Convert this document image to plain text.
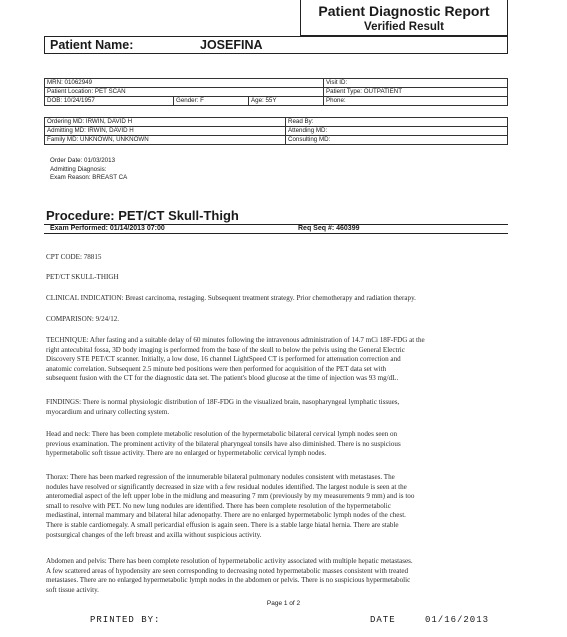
Patient Diagnostic Report
Verified Result
Patient Name:	JOSEFINA
MRN: 01062949			Visit ID:
Patient Location: PET SCAN			Patient Type: OUTPATIENT
DOB: 10/24/1957	Gender: F	Age: 55Y	Phone:
Ordering MD: IRWIN, DAVID H	Read By:
Admitting MD: IRWIN, DAVID H	Attending MD:
Family MD: UNKNOWN, UNKNOWN	Consulting MD:
Order Date: 01/03/2013
Admitting Diagnosis:
Exam Reason: BREAST CA
Procedure: PET/CT Skull-Thigh
Exam Performed: 01/14/2013 07:00	Req Seq #: 460399
CPT CODE: 78815
PET/CT SKULL-THIGH
CLINICAL INDICATION: Breast carcinoma, restaging. Subsequent treatment strategy. Prior chemotherapy and radiation therapy.
COMPARISON: 9/24/12.
TECHNIQUE: After fasting and a suitable delay of 60 minutes following the intravenous administration of 14.7 mCi 18F-FDG at the
right antecubital fossa, 3D body imaging is performed from the base of the skull to below the pelvis using the General Electric
Discovery STE PET/CT scanner. Initially, a low dose, 16 channel LightSpeed CT is performed for attenuation correction and
anatomic correlation. Subsequent 2.5 minute bed positions were then performed for acquisition of the PET data set with
subsequent fusion with the CT for the diagnostic data set. The patient's blood glucose at the time of injection was 93 mg/dL.
FINDINGS: There is normal physiologic distribution of 18F-FDG in the visualized brain, nasopharyngeal lymphatic tissues,
myocardium and urinary collecting system.
Head and neck: There has been complete metabolic resolution of the hypermetabolic bilateral cervical lymph nodes seen on
previous examination. The prominent activity of the bilateral pharyngeal tonsils have also diminished. There is no suspicious
hypermetabolic soft tissue activity. There are no enlarged or hypermetabolic cervical lymph nodes.
Thorax: There has been marked regression of the innumerable bilateral pulmonary nodules consistent with metastases. The
nodules have resolved or significantly decreased in size with a few residual nodules identified. The largest nodule is seen at the
anteromedial aspect of the left upper lobe in the midlung and measuring 7 mm (previously by my measurements 9 mm) and is too
small to resolve with PET. No new lung nodules are identified. There has been complete resolution of the hypermetabolic
mediastinal, internal mammary and bilateral hilar adenopathy. There are no enlarged hypermetabolic lymph nodes of the chest.
There is stable cardiomegaly. A small pericardial effusion is again seen. There is a stable large hiatal hernia. There are stable
postsurgical changes of the left breast and axilla without suspicious activity.
Abdomen and pelvis: There has been complete resolution of hypermetabolic activity associated with multiple hepatic metastases.
A few scattered areas of hypodensity are seen corresponding to decreasing noted hypermetabolic masses consistent with treated
metastases. There are no enlarged hypermetabolic lymph nodes in the abdomen or pelvis. There is no suspicious hypermetabolic
soft tissue activity.
Page 1 of 2
PRINTED BY:	DATE	01/16/2013
